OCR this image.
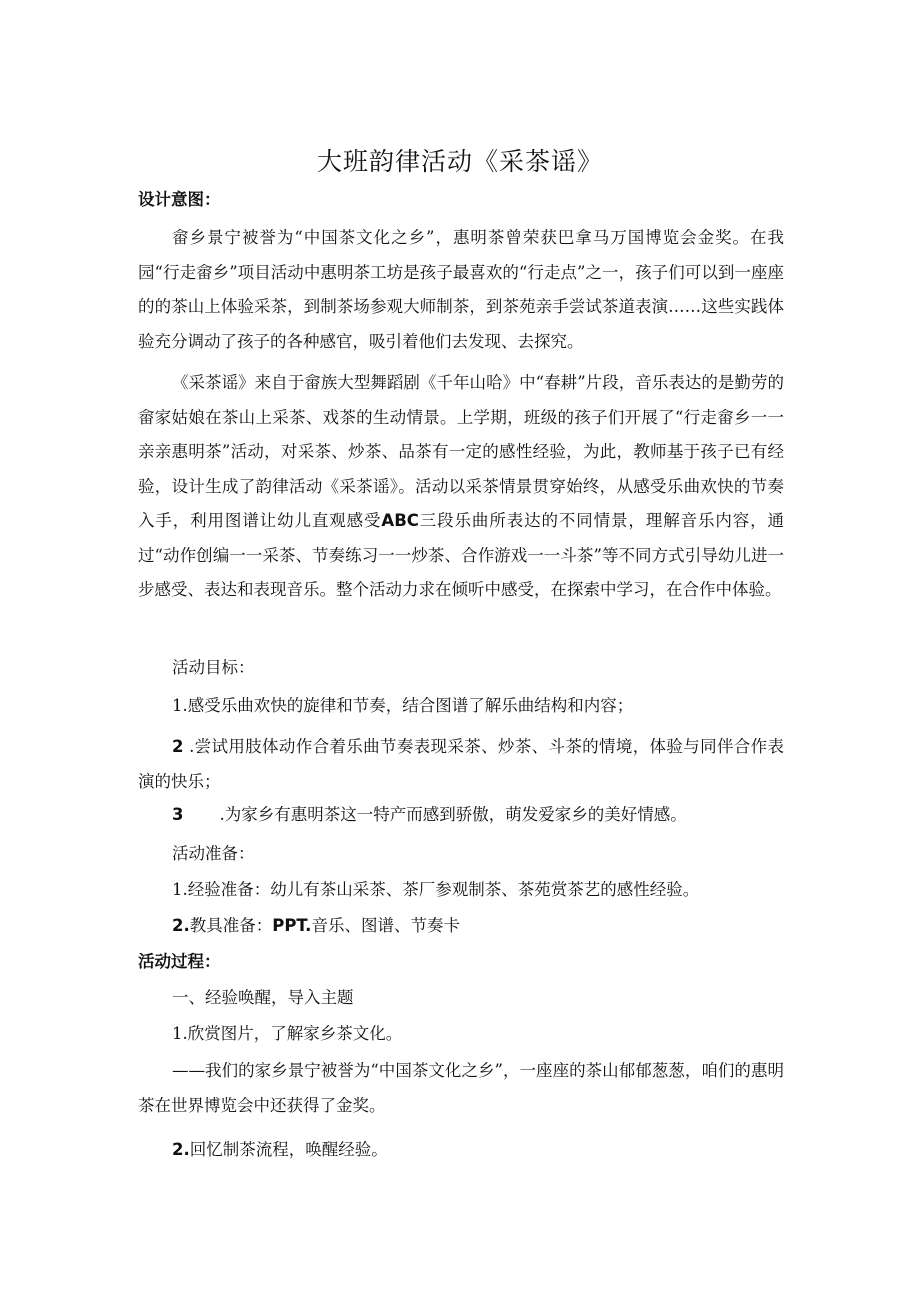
大班韵律活动《采茶谣》
设计意图：
畲乡景宁被誉为“中国茶文化之乡”，惠明茶曾荣获巴拿马万国博览会金奖。在我园“行走畲乡”项目活动中惠明茶工坊是孩子最喜欢的“行走点”之一，孩子们可以到一座座的的茶山上体验采茶，到制茶场参观大师制茶，到茶苑亲手尝试茶道表演……这些实践体验充分调动了孩子的各种感官，吸引着他们去发现、去探究。
《采茶谣》来自于畲族大型舞蹈剧《千年山哈》中“春耕”片段，音乐表达的是勤劳的畲家姑娘在茶山上采茶、戏茶的生动情景。上学期，班级的孩子们开展了“行走畲乡一一亲亲惠明茶”活动，对采茶、炒茶、品茶有一定的感性经验，为此，教师基于孩子已有经验，设计生成了韵律活动《采茶谣》。活动以采茶情景贯穿始终，从感受乐曲欢快的节奏入手，利用图谱让幼儿直观感受ABC三段乐曲所表达的不同情景，理解音乐内容，通过“动作创编一一采茶、节奏练习一一炒茶、合作游戏一一斗茶”等不同方式引导幼儿进一步感受、表达和表现音乐。整个活动力求在倾听中感受，在探索中学习，在合作中体验。
活动目标：
1.感受乐曲欢快的旋律和节奏，结合图谱了解乐曲结构和内容；
2 .尝试用肢体动作合着乐曲节奏表现采茶、炒茶、斗茶的情境，体验与同伴合作表演的快乐；
3 .为家乡有惠明茶这一特产而感到骄傲，萌发爱家乡的美好情感。
活动准备：
1.经验准备：幼儿有茶山采茶、茶厂参观制茶、茶苑赏茶艺的感性经验。
2.教具准备：PPT.音乐、图谱、节奏卡
活动过程：
一、经验唤醒，导入主题
1.欣赏图片，了解家乡茶文化。
——我们的家乡景宁被誉为“中国茶文化之乡”，一座座的茶山郁郁葱葱，咱们的惠明茶在世界博览会中还获得了金奖。
2.回忆制茶流程，唤醒经验。
